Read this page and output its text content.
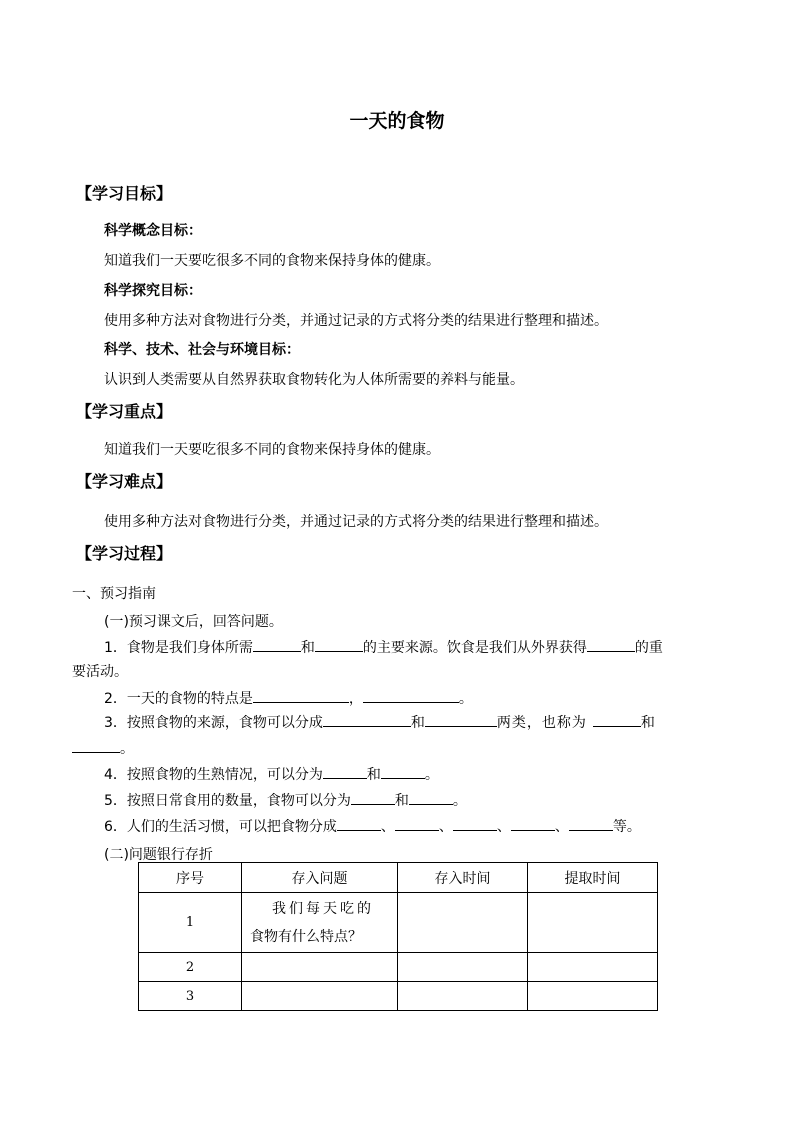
一天的食物
【学习目标】
科学概念目标：
知道我们一天要吃很多不同的食物来保持身体的健康。
科学探究目标：
使用多种方法对食物进行分类，并通过记录的方式将分类的结果进行整理和描述。
科学、技术、社会与环境目标：
认识到人类需要从自然界获取食物转化为人体所需要的养料与能量。
【学习重点】
知道我们一天要吃很多不同的食物来保持身体的健康。
【学习难点】
使用多种方法对食物进行分类，并通过记录的方式将分类的结果进行整理和描述。
【学习过程】
一、预习指南
(一)预习课文后，回答问题。
1．食物是我们身体所需	和	的主要来源。饮食是我们从外界获得	的重
要活动。
2．一天的食物的特点是	，	。
3．按照食物的来源，食物可以分成	和	两类，也称为	和
。
4．按照食物的生熟情况，可以分为	和	。
5．按照日常食用的数量，食物可以分为	和	。
6．人们的生活习惯，可以把食物分成	、	、	、	、	等。
(二)问题银行存折
序号	存入问题	存入时间	提取时间
1	我们每天吃的
食物有什么特点？		

2			
3			
